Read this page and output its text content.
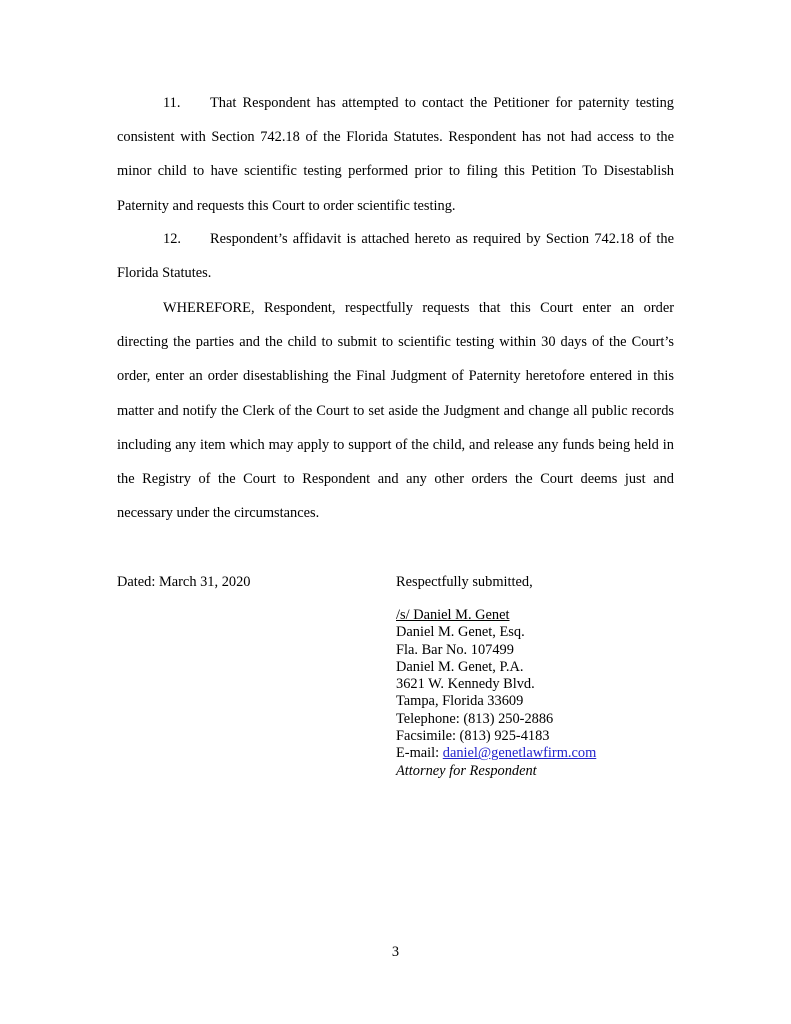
11. That Respondent has attempted to contact the Petitioner for paternity testing consistent with Section 742.18 of the Florida Statutes. Respondent has not had access to the minor child to have scientific testing performed prior to filing this Petition To Disestablish Paternity and requests this Court to order scientific testing.

12. Respondent’s affidavit is attached hereto as required by Section 742.18 of the Florida Statutes.

WHEREFORE, Respondent, respectfully requests that this Court enter an order directing the parties and the child to submit to scientific testing within 30 days of the Court’s order, enter an order disestablishing the Final Judgment of Paternity heretofore entered in this matter and notify the Clerk of the Court to set aside the Judgment and change all public records including any item which may apply to support of the child, and release any funds being held in the Registry of the Court to Respondent and any other orders the Court deems just and necessary under the circumstances.

Dated: March 31, 2020	Respectfully submitted,

/s/ Daniel M. Genet
Daniel M. Genet, Esq.
Fla. Bar No. 107499
Daniel M. Genet, P.A.
3621 W. Kennedy Blvd.
Tampa, Florida 33609
Telephone: (813) 250-2886
Facsimile: (813) 925-4183
E-mail: daniel@genetlawfirm.com
Attorney for Respondent

3
